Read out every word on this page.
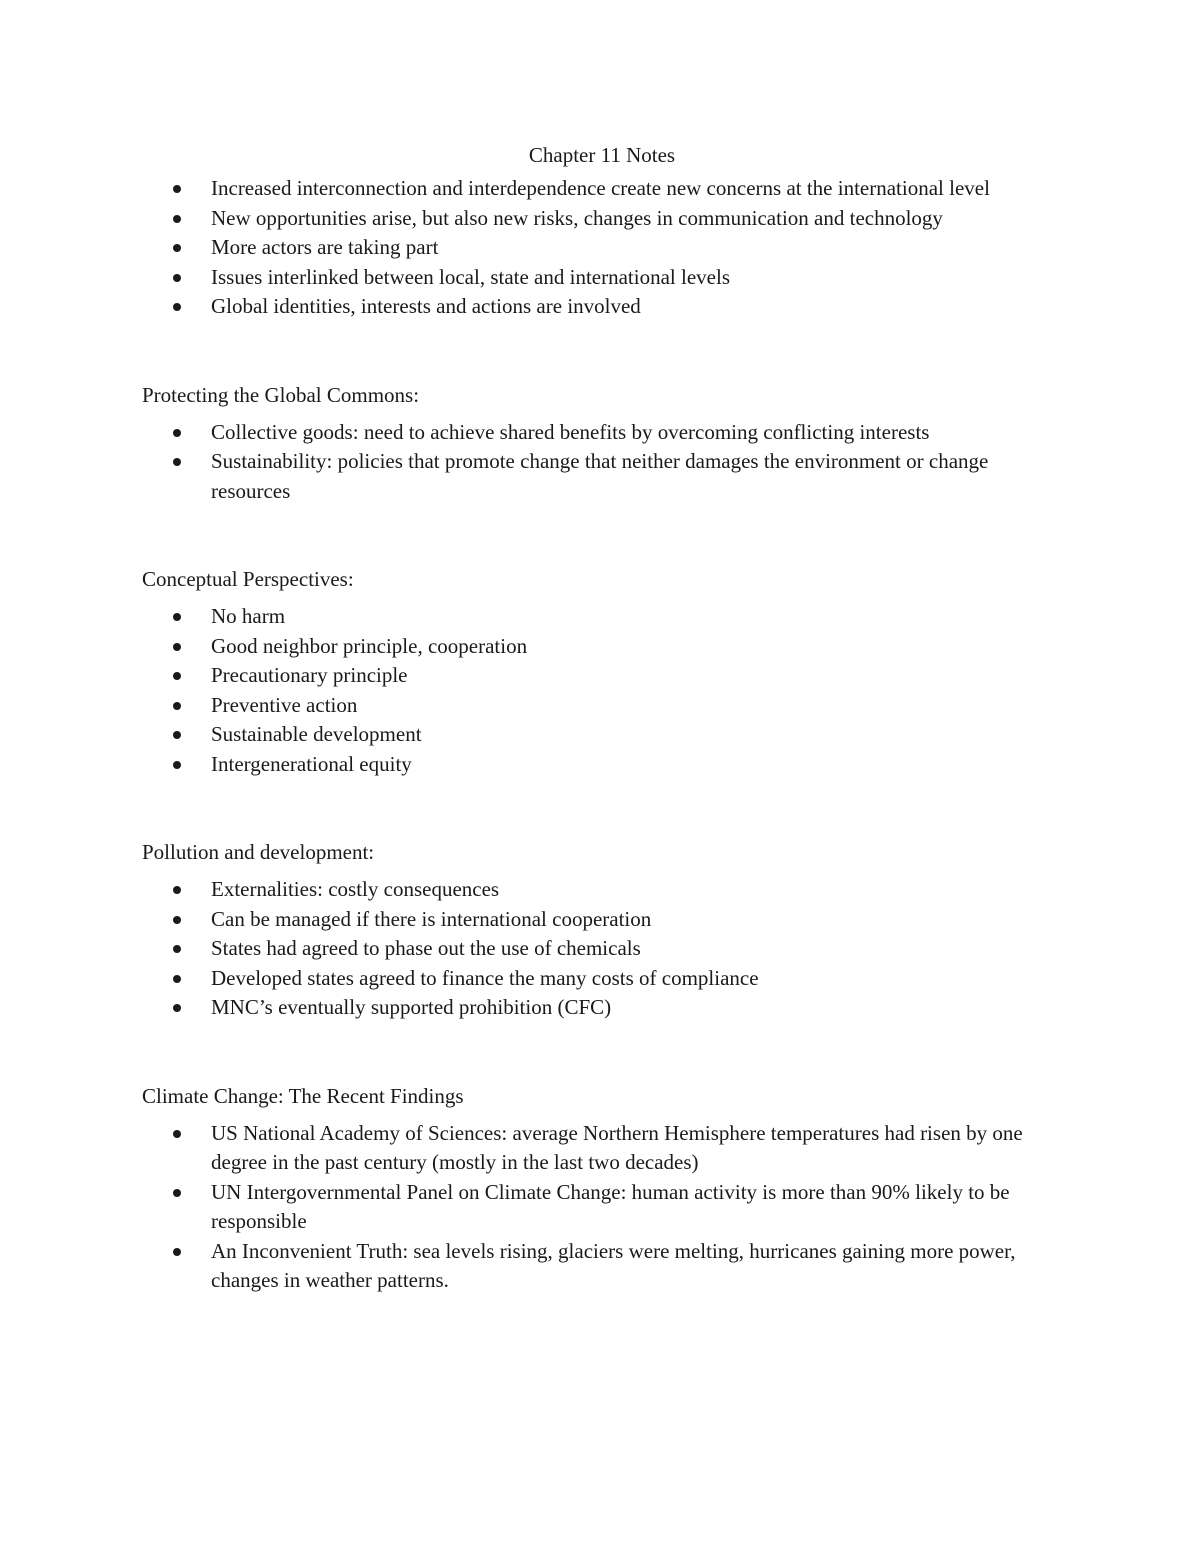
Chapter 11 Notes
Increased interconnection and interdependence create new concerns at the international level
New opportunities arise, but also new risks, changes in communication and technology
More actors are taking part
Issues interlinked between local, state and international levels
Global identities, interests and actions are involved
Protecting the Global Commons:
Collective goods: need to achieve shared benefits by overcoming conflicting interests
Sustainability: policies that promote change that neither damages the environment or change resources
Conceptual Perspectives:
No harm
Good neighbor principle, cooperation
Precautionary principle
Preventive action
Sustainable development
Intergenerational equity
Pollution and development:
Externalities: costly consequences
Can be managed if there is international cooperation
States had agreed to phase out the use of chemicals
Developed states agreed to finance the many costs of compliance
MNC’s eventually supported prohibition (CFC)
Climate Change: The Recent Findings
US National Academy of Sciences: average Northern Hemisphere temperatures had risen by one degree in the past century (mostly in the last two decades)
UN Intergovernmental Panel on Climate Change: human activity is more than 90% likely to be responsible
An Inconvenient Truth: sea levels rising, glaciers were melting, hurricanes gaining more power, changes in weather patterns.
